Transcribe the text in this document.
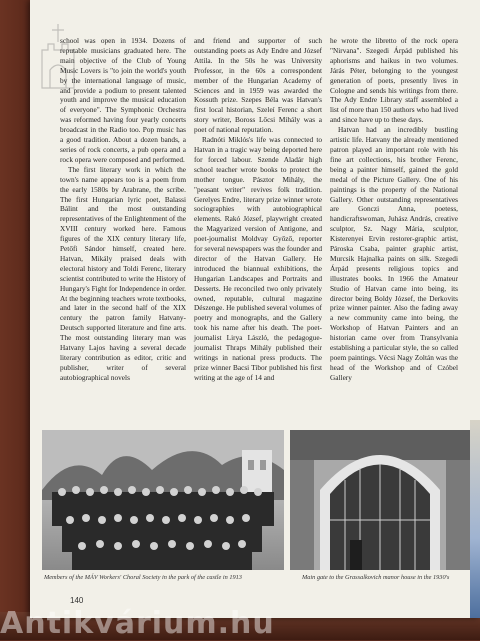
school was open in 1934. Dozens of reputable musicians graduated here. The main objective of the Club of Young Music Lovers is "to join the world's youth by the international language of music, and provide a podium to present talented youth and improve the musical education of everyone". The Symphonic Orchestra was reformed having four yearly concerts broadcast in the Radio too. Pop music has a good tradition. About a dozen bands, a series of rock concerts, a pub opera and a rock opera were composed and performed.

The first literary work in which the town's name appears too is a poem from the early 1580s by Arabrane, the scribe. The first Hungarian lyric poet, Balassi Bálint and the most outstanding representatives of the Enlightenment of the XVIII century worked here. Famous figures of the XIX century literary life, Petőfi Sándor himself, created here. Hatvan, Mikály praised deals with electoral history and Toldi Ferenc, literary scientist contributed to write the History of Hungary's Fight for Independence in order. At the beginning teachers wrote textbooks, and later in the second half of the XIX century the patron family Hatvany-Deutsch supported literature and fine arts. The most outstanding literary man was Hatvany Lajos having a several decade literary contribution as editor, critic and publisher, writer of several autobiographical novels

and friend and supporter of such outstanding poets as Ady Endre and József Attila. In the 50s he was University Professor, in the 60s a correspondent member of the Hungarian Academy of Sciences and in 1959 was awarded the Kossuth prize. Szepes Béla was Hatvan's first local historian, Szeleí Ferenc a short story writer, Boross Lőcsi Mihály was a poet of national reputation.

Radnóti Miklós's life was connected to Hatvan in a tragic way being deported here for forced labour. Szende Aladár high school teacher wrote books to protect the mother tongue. Pásztor Mihály, the "peasant writer" revives folk tradition. Gerelyes Endre, literary prize winner wrote sociographies with autobiographical elements. Rakó József, playwright created the Magyarized version of Antigone, and poet-journalist Moldvay Győző, reporter for several newspapers was the founder and director of the Hatvan Gallery. He introduced the biannual exhibitions, the Hungarian Landscapes and Portraits and Desserts. He reconciled two only privately owned, reputable, cultural magazine Dészenge. He published several volumes of poetry and monographs, and the Gallery took his name after his death. The poet-journalist Lirya László, the pedagogue-journalist Thraps Mihály published their writings in national press products. The prize winner Bacsi Tibor published his first writing at the age of 14 and

he wrote the libretto of the rock opera "Nirvana". Szegedi Árpád published his aphorisms and haikus in two volumes. Járás Péter, belonging to the youngest generation of poets, presently lives in Cologne and sends his writings from there. The Ady Endre Library staff assembled a list of more than 150 authors who had lived and since have up to these days.

Hatvan had an incredibly bustling artistic life. Hatvany the already mentioned patron played an important role with his fine art collections, his brother Ferenc, being a painter himself, gained the gold medal of the Picture Gallery. One of his paintings is the property of the National Gallery. Other outstanding representatives are Gonczi Anna, poetess, handicraftswoman, Juhász András, creative sculptor, Sz. Nagy Mária, sculptor, Kisterenyei Ervin restorer-graphic artist, Pároska Csaba, painter graphic artist, Murcsik Hajnalka paints on silk. Szegedi Árpád presents religious topics and illustrates books. In 1966 the Amateur Studio of Hatvan came into being, its director being Boldy József, the Derkovits prize winner painter. Also the fading away a new community came into being, the Workshop of Hatvan Painters and an historian came over from Transylvania establishing a particular style, the so called poem paintings. Vécsi Nagy Zoltán was the head of the Workshop and of Czóbel Gallery

Members of the MÁV Workers' Choral Society in the park of the castle in 1913	Main gate to the Grassalkovich manor house in the 1930's
140
Antikvárium.hu
